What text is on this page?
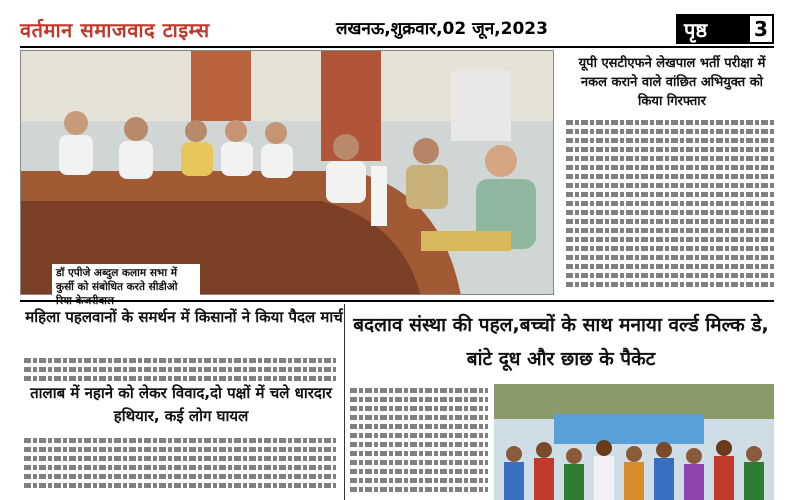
वर्तमान समाजवाद टाइम्स	लखनऊ,शुक्रवार,02 जून,2023	पृष्ठ	3
डॉ एपीजे अब्दुल कलाम सभा में कुर्सी को संबोधित करते सीडीओ
यूपी एसटीएफने लेखपाल भर्ती परीक्षा में नकल कराने वाले वांछित अभियुक्त को किया गिरफ्तार
महिला पहलवानों के समर्थन में किसानों ने किया पैदल मार्च
तालाब में नहाने को लेकर विवाद,दो पक्षों में चले धारदार हथियार, कई लोग घायल
बदलाव संस्था की पहल,बच्चों के साथ मनाया वर्ल्ड मिल्क डे, बांटे दूध और छाछ के पैकेट
